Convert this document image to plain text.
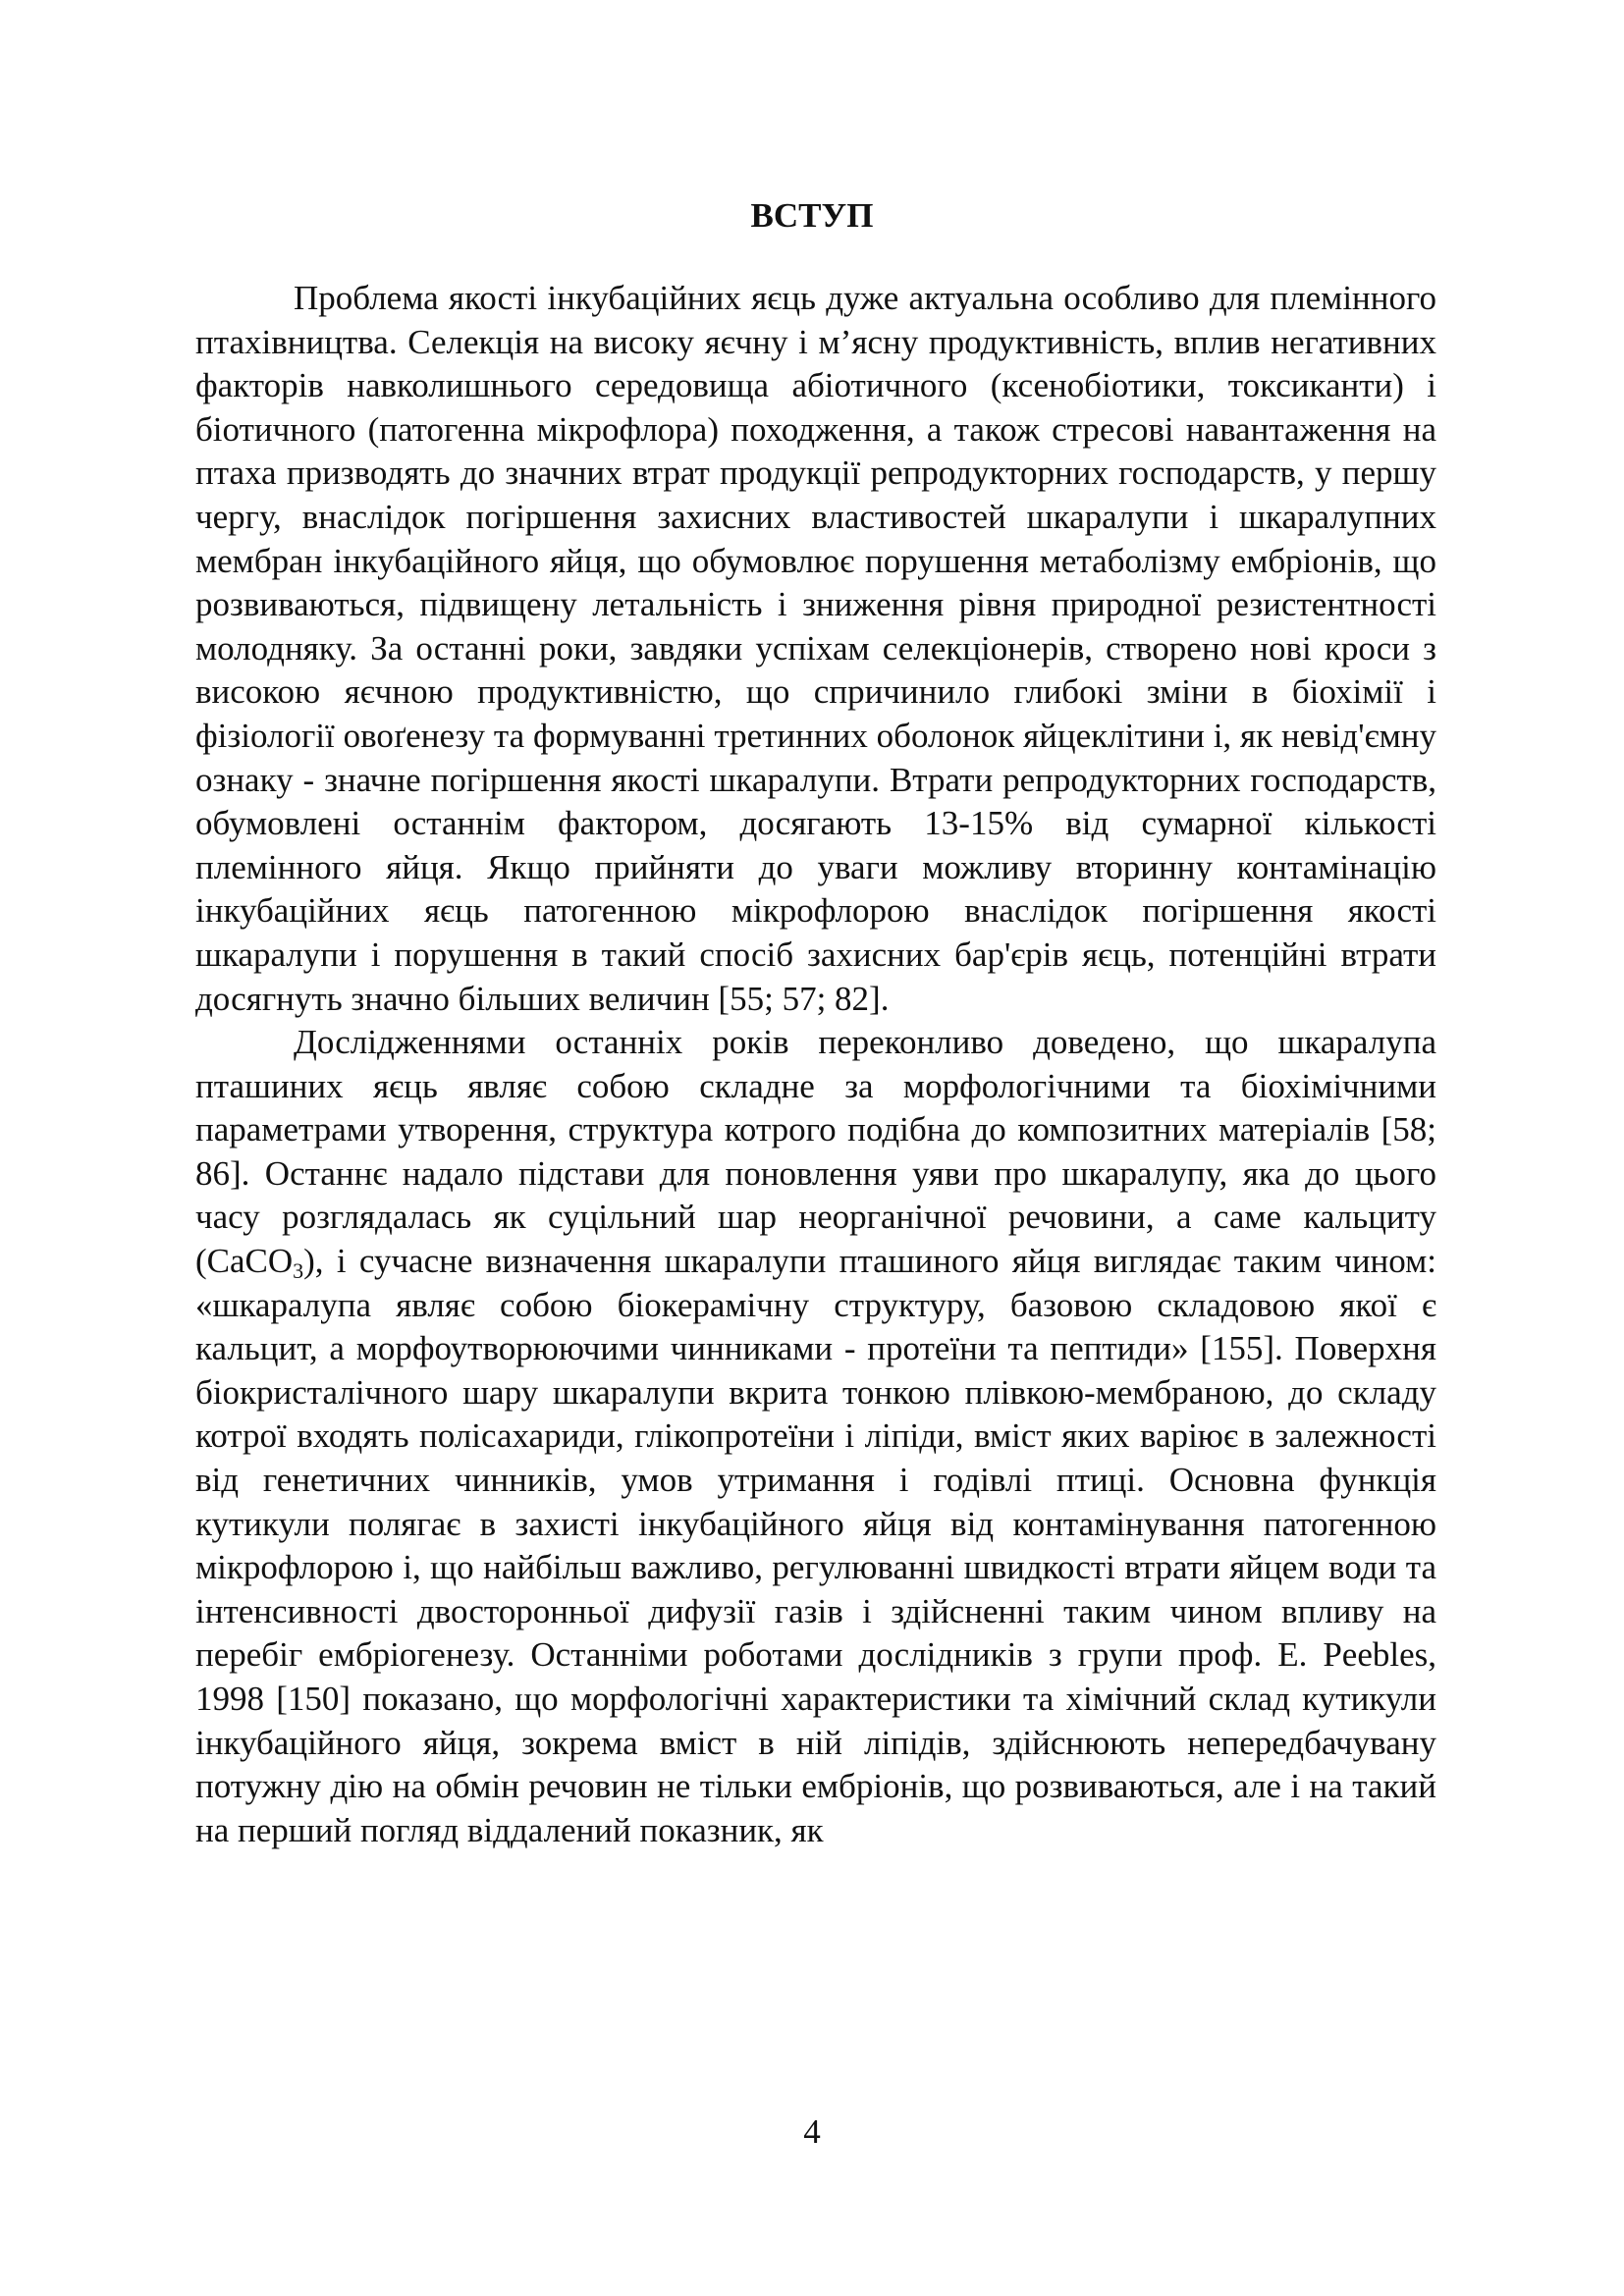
ВСТУП

Проблема якості інкубаційних яєць дуже актуальна особливо для племінного птахівництва. Селекція на високу яєчну і м’ясну продуктивність, вплив негативних факторів навколишнього середовища абіотичного (ксенобіотики, токсиканти) і біотичного (патогенна мікрофлора) походження, а також стресові навантаження на птаха призводять до значних втрат продукції репродукторних господарств, у першу чергу, внаслідок погіршення захисних властивостей шкаралупи і шкаралупних мембран інкубаційного яйця, що обумовлює порушення метаболізму ембріонів, що розвиваються, підвищену летальність і зниження рівня природної резистентності молодняку. За останні роки, завдяки успіхам селекціонерів, створено нові кроси з високою яєчною продуктивністю, що спричинило глибокі зміни в біохімії і фізіології овоґенезу та формуванні третинних оболонок яйцеклітини і, як невід'ємну ознаку - значне погіршення якості шкаралупи. Втрати репродукторних господарств, обумовлені останнім фактором, досягають 13-15% від сумарної кількості племінного яйця. Якщо прийняти до уваги можливу вторинну контамінацію інкубаційних яєць патогенною мікрофлорою внаслідок погіршення якості шкаралупи і порушення в такий спосіб захисних бар'єрів яєць, потенційні втрати досягнуть значно більших величин [55; 57; 82].

Дослідженнями останніх років переконливо доведено, що шкаралупа пташиних яєць являє собою складне за морфологічними та біохімічними параметрами утворення, структура котрого подібна до композитних матеріалів [58; 86]. Останнє надало підстави для поновлення уяви про шкаралупу, яка до цього часу розглядалась як суцільний шар неорганічної речовини, а саме кальциту (CaCO$_3$), і сучасне визначення шкаралупи пташиного яйця виглядає таким чином: «шкаралупа являє собою біокерамічну структуру, базовою складовою якої є кальцит, а морфоутворюючими чинниками - протеїни та пептиди» [155]. Поверхня біокристалічного шару шкаралупи вкрита тонкою плівкою-мембраною, до складу котрої входять полісахариди, глікопротеїни і ліпіди, вміст яких варіює в залежності від генетичних чинників, умов утримання і годівлі птиці. Основна функція кутикули полягає в захисті інкубаційного яйця від контамінування патогенною мікрофлорою і, що найбільш важливо, регулюванні швидкості втрати яйцем води та інтенсивності двосторонньої дифузії газів і здійсненні таким чином впливу на перебіг ембріогенезу. Останніми роботами дослідників з групи проф. Е. Peebles, 1998 [150] показано, що морфологічні характеристики та хімічний склад кутикули інкубаційного яйця, зокрема вміст в ній ліпідів, здійснюють непередбачувану потужну дію на обмін речовин не тільки ембріонів, що розвиваються, але і на такий на перший погляд віддалений показник, як

4
